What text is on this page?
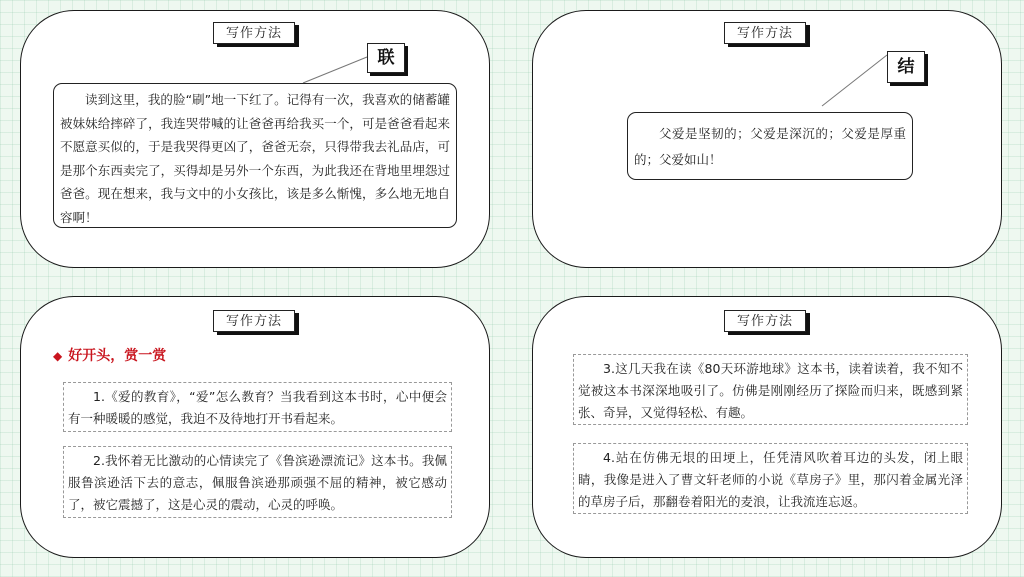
写作方法
联
读到这里，我的脸“刷”地一下红了。记得有一次，我喜欢的储蓄罐被妹妹给摔碎了，我连哭带喊的让爸爸再给我买一个，可是爸爸看起来不愿意买似的，于是我哭得更凶了，爸爸无奈，只得带我去礼品店，可是那个东西卖完了，买得却是另外一个东西，为此我还在背地里埋怨过爸爸。现在想来，我与文中的小女孩比，该是多么惭愧，多么地无地自容啊！
写作方法
结
父爱是坚韧的；父爱是深沉的；父爱是厚重的；父爱如山！
写作方法
◆ 好开头，赏一赏
1.《爱的教育》，“爱”怎么教育？当我看到这本书时，心中便会有一种暖暖的感觉，我迫不及待地打开书看起来。
2.我怀着无比激动的心情读完了《鲁滨逊漂流记》这本书。我佩服鲁滨逊活下去的意志，佩服鲁滨逊那顽强不屈的精神，被它感动了，被它震撼了，这是心灵的震动，心灵的呼唤。
写作方法
3.这几天我在读《80天环游地球》这本书，读着读着，我不知不觉被这本书深深地吸引了。仿佛是刚刚经历了探险而归来，既感到紧张、奇异，又觉得轻松、有趣。
4.站在仿佛无垠的田埂上，任凭清风吹着耳边的头发，闭上眼睛，我像是进入了曹文轩老师的小说《草房子》里，那闪着金属光泽的草房子后，那翻卷着阳光的麦浪，让我流连忘返。
